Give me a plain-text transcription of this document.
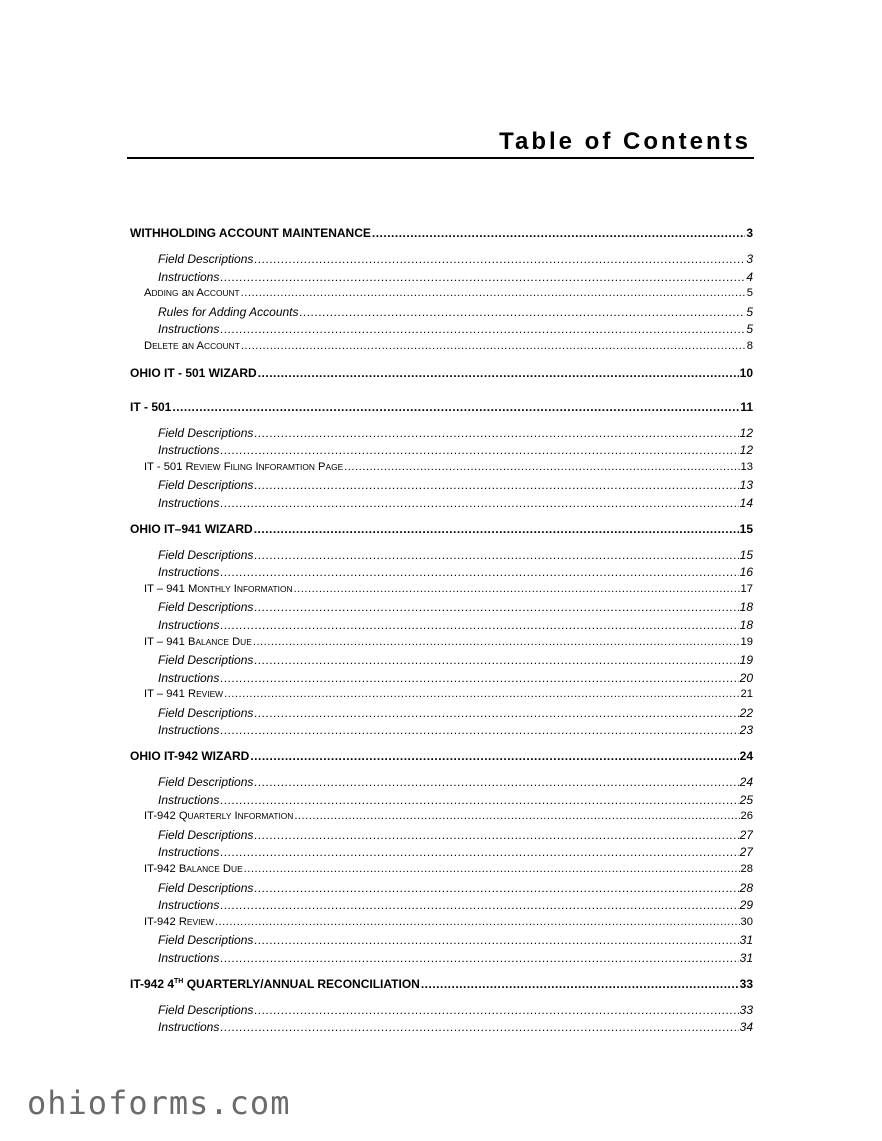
Table of Contents
WITHHOLDING ACCOUNT MAINTENANCE .....	3
Field Descriptions .....	3
Instructions .....	4
ADDING aN ACCOUNT .....	5
Rules for Adding Accounts .....	5
Instructions .....	5
DELETE aN ACCOUNT .....	8
OHIO IT - 501 WIZARD .....	10
IT - 501 .....	11
Field Descriptions .....	12
Instructions .....	12
IT - 501 REVIEW FILING INFORAMTION PAGE .....	13
Field Descriptions .....	13
Instructions .....	14
OHIO IT–941 WIZARD .....	15
Field Descriptions .....	15
Instructions .....	16
IT – 941 MONTHLY INFORMATION .....	17
Field Descriptions .....	18
Instructions .....	18
IT – 941 BALANCE DUE .....	19
Field Descriptions .....	19
Instructions .....	20
IT – 941 REVIEW .....	21
Field Descriptions .....	22
Instructions .....	23
OHIO IT-942 WIZARD .....	24
Field Descriptions .....	24
Instructions .....	25
IT-942 QUARTERLY INFORMATION .....	26
Field Descriptions .....	27
Instructions .....	27
IT-942 BALANCE DUE .....	28
Field Descriptions .....	28
Instructions .....	29
IT-942 REVIEW .....	30
Field Descriptions .....	31
Instructions .....	31
IT-942 4TH QUARTERLY/ANNUAL RECONCILIATION .....	33
Field Descriptions .....	33
Instructions .....	34
ohioforms.com
